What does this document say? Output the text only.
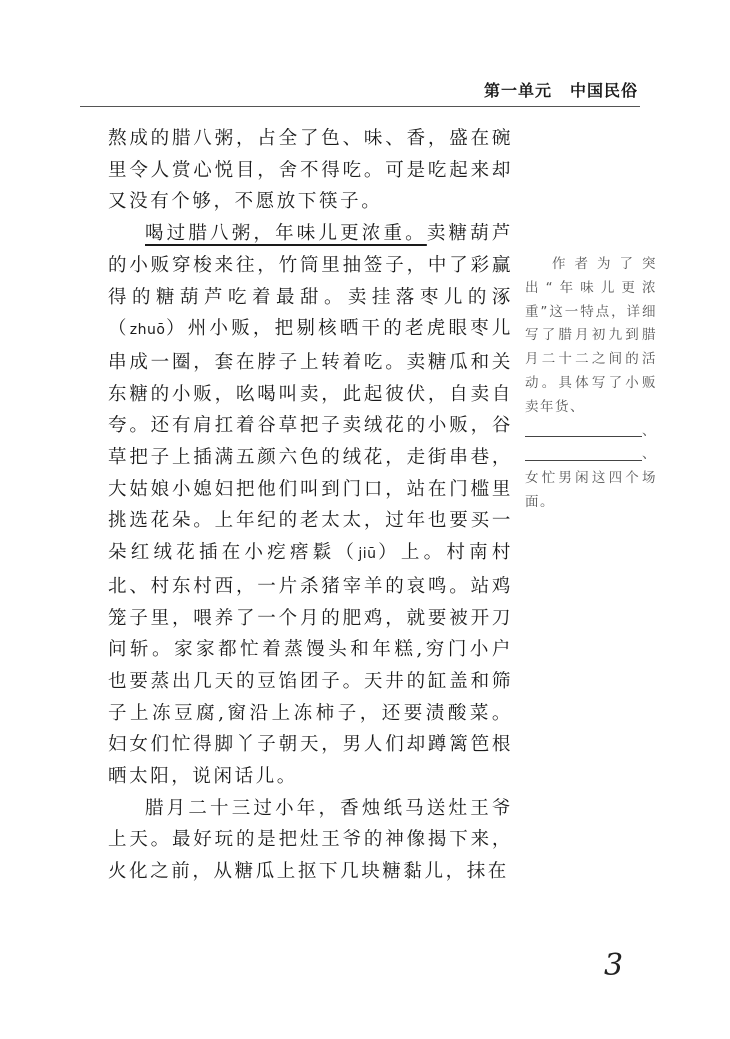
第一单元 中国民俗

熬成的腊八粥，占全了色、味、香，盛在碗里令人赏心悦目，舍不得吃。可是吃起来却又没有个够，不愿放下筷子。

喝过腊八粥，年味儿更浓重。卖糖葫芦的小贩穿梭来往，竹筒里抽签子，中了彩赢得的糖葫芦吃着最甜。卖挂落枣儿的涿（zhuō）州小贩，把剔核晒干的老虎眼枣儿串成一圈，套在脖子上转着吃。卖糖瓜和关东糖的小贩，吆喝叫卖，此起彼伏，自卖自夸。还有肩扛着谷草把子卖绒花的小贩，谷草把子上插满五颜六色的绒花，走街串巷，大姑娘小媳妇把他们叫到门口，站在门槛里挑选花朵。上年纪的老太太，过年也要买一朵红绒花插在小疙瘩鬏（jiū）上。村南村北、村东村西，一片杀猪宰羊的哀鸣。站鸡笼子里，喂养了一个月的肥鸡，就要被开刀问斩。家家都忙着蒸馒头和年糕,穷门小户也要蒸出几天的豆馅团子。天井的缸盖和筛子上冻豆腐,窗沿上冻柿子，还要渍酸菜。妇女们忙得脚丫子朝天，男人们却蹲篱笆根晒太阳，说闲话儿。

腊月二十三过小年，香烛纸马送灶王爷上天。最好玩的是把灶王爷的神像揭下来，火化之前，从糖瓜上抠下几块糖黏儿，抹在

作者为了突出“年味儿更浓重”这一特点，详细写了腊月初九到腊月二十二之间的活动。具体写了小贩卖年货、

、
、
女忙男闲这四个场面。
3
